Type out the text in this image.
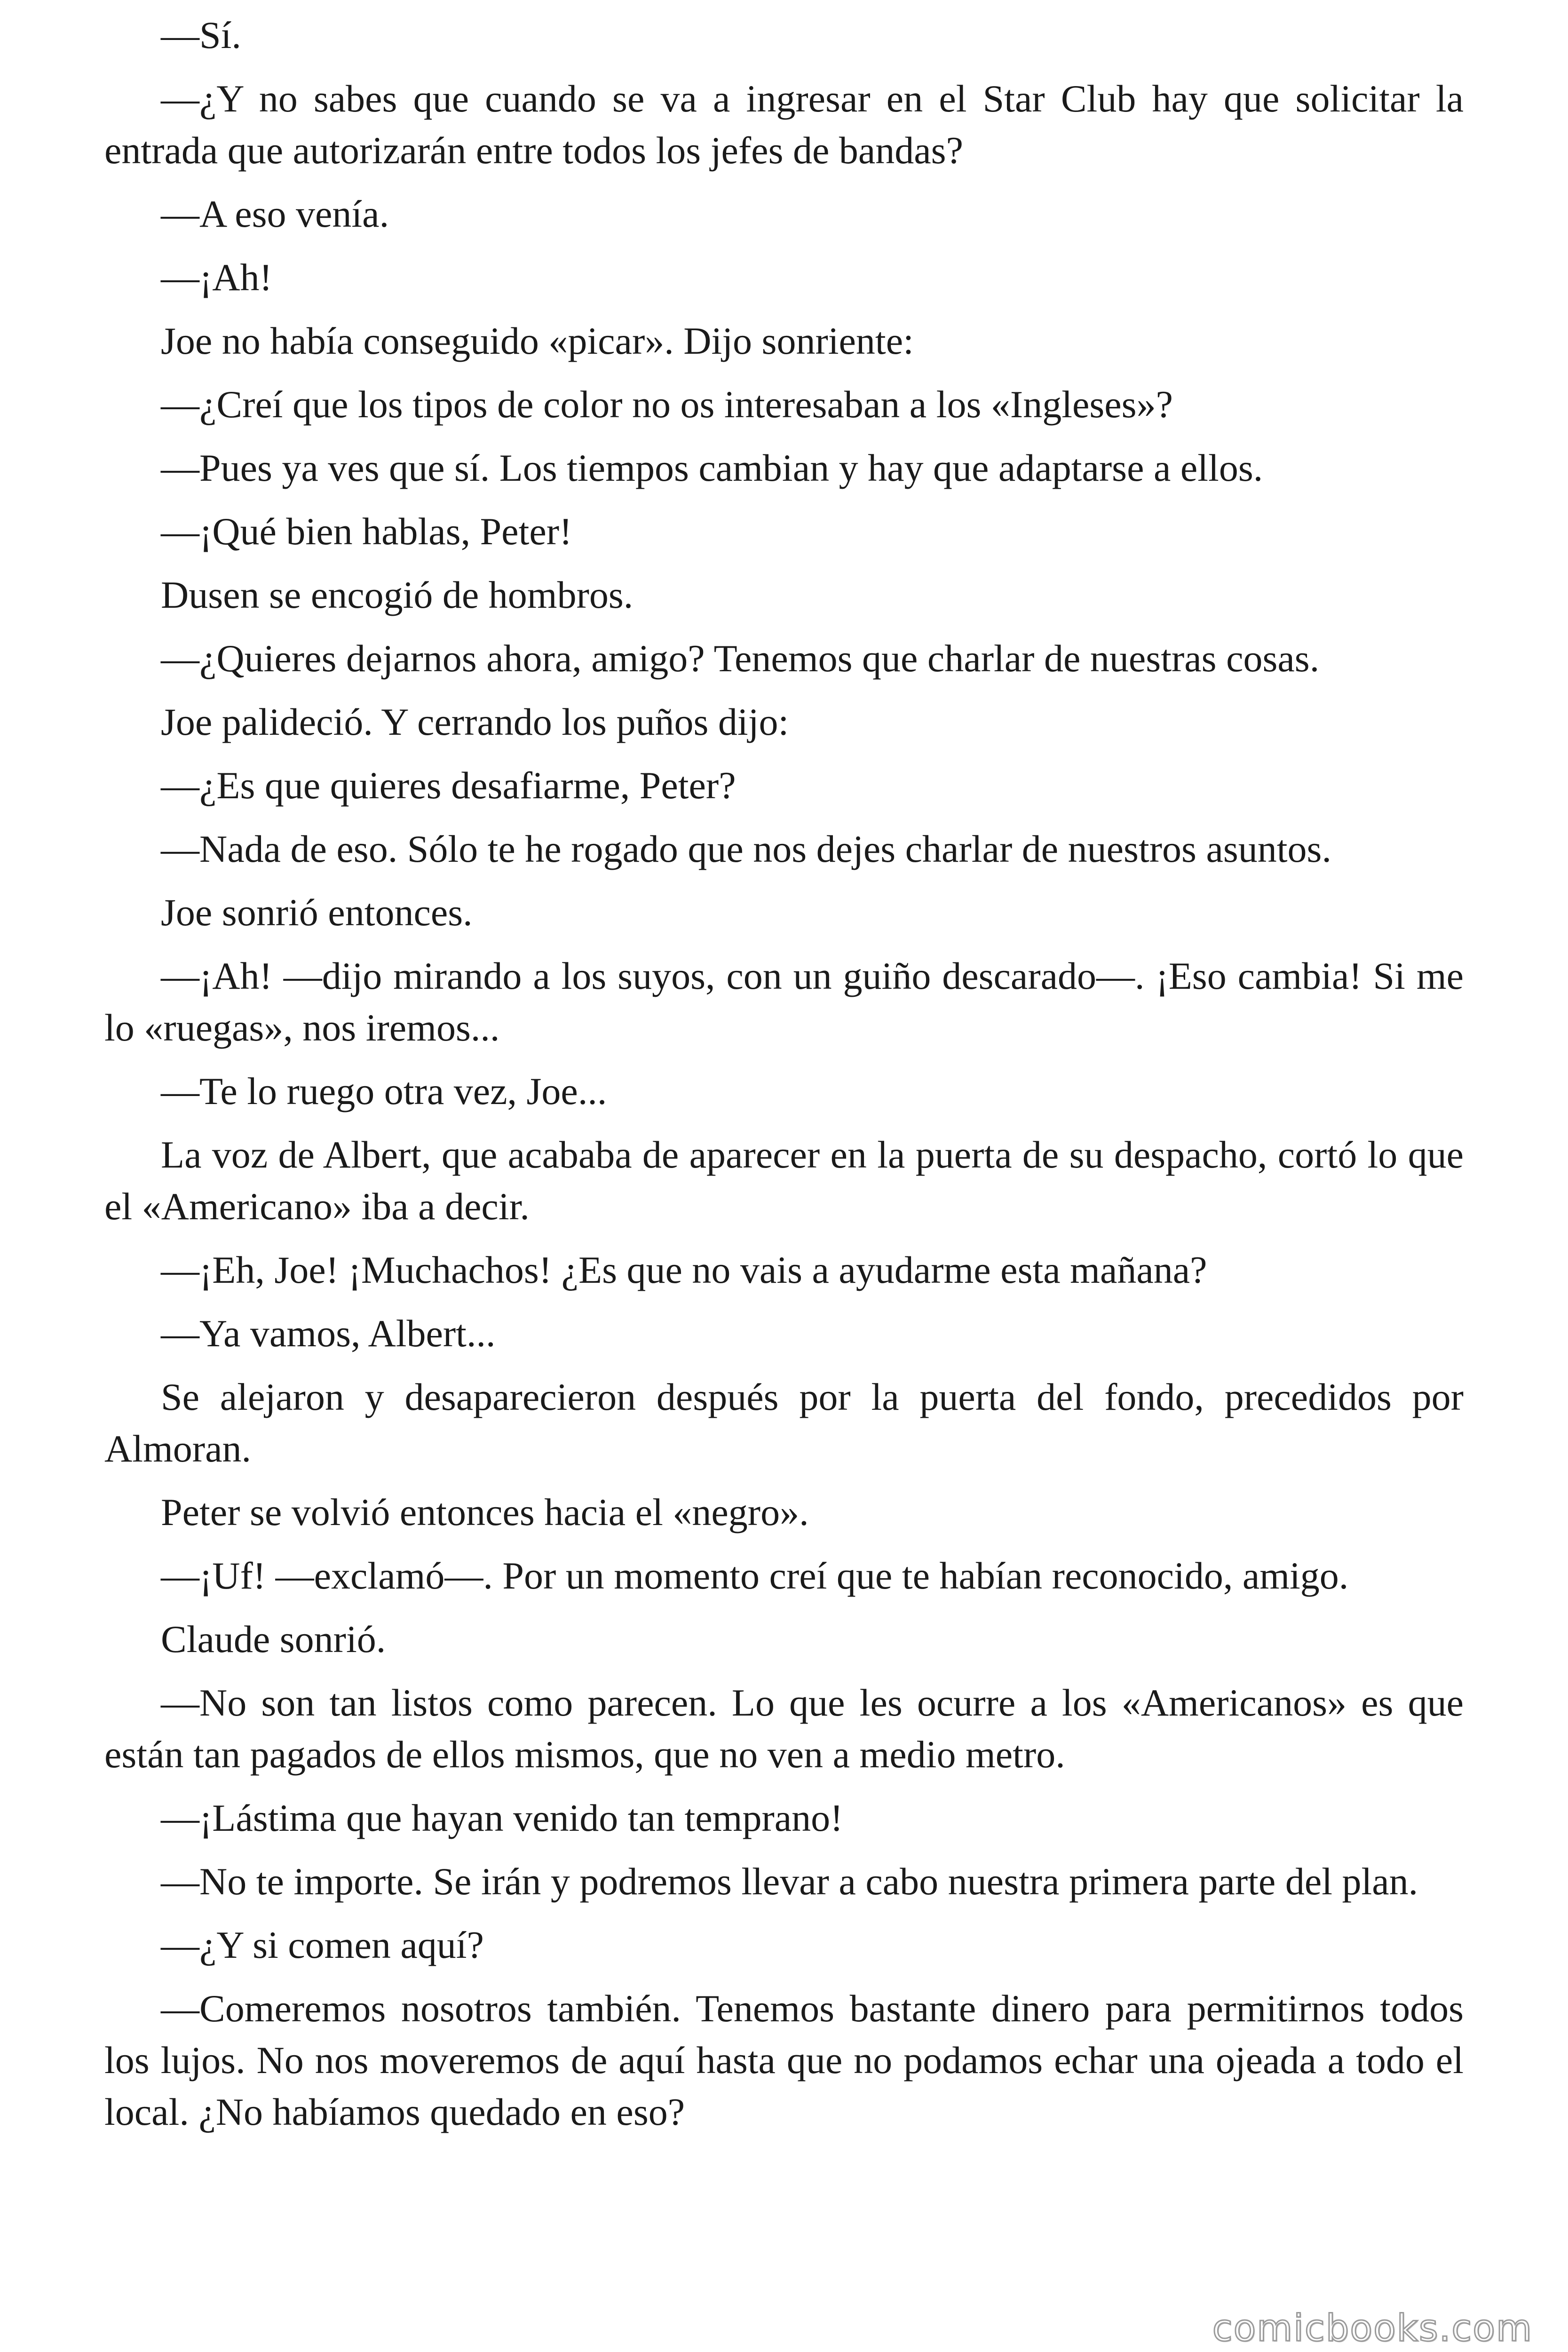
—Sí.

—¿Y no sabes que cuando se va a ingresar en el Star Club hay que solicitar la entrada que autorizarán entre todos los jefes de bandas?

—A eso venía.

—¡Ah!

Joe no había conseguido «picar». Dijo sonriente:

—¿Creí que los tipos de color no os interesaban a los «Ingleses»?

—Pues ya ves que sí. Los tiempos cambian y hay que adaptarse a ellos.

—¡Qué bien hablas, Peter!

Dusen se encogió de hombros.

—¿Quieres dejarnos ahora, amigo? Tenemos que charlar de nuestras cosas.

Joe palideció. Y cerrando los puños dijo:

—¿Es que quieres desafiarme, Peter?

—Nada de eso. Sólo te he rogado que nos dejes charlar de nuestros asuntos.

Joe sonrió entonces.

—¡Ah! —dijo mirando a los suyos, con un guiño descarado—. ¡Eso cambia! Si me lo «ruegas», nos iremos...

—Te lo ruego otra vez, Joe...

La voz de Albert, que acababa de aparecer en la puerta de su despacho, cortó lo que el «Americano» iba a decir.

—¡Eh, Joe! ¡Muchachos! ¿Es que no vais a ayudarme esta mañana?

—Ya vamos, Albert...

Se alejaron y desaparecieron después por la puerta del fondo, precedidos por Almoran.

Peter se volvió entonces hacia el «negro».

—¡Uf! —exclamó—. Por un momento creí que te habían reconocido, amigo.

Claude sonrió.

—No son tan listos como parecen. Lo que les ocurre a los «Americanos» es que están tan pagados de ellos mismos, que no ven a medio metro.

—¡Lástima que hayan venido tan temprano!

—No te importe. Se irán y podremos llevar a cabo nuestra primera parte del plan.

—¿Y si comen aquí?

—Comeremos nosotros también. Tenemos bastante dinero para permitirnos todos los lujos. No nos moveremos de aquí hasta que no podamos echar una ojeada a todo el local. ¿No habíamos quedado en eso?

comicbooks.com
